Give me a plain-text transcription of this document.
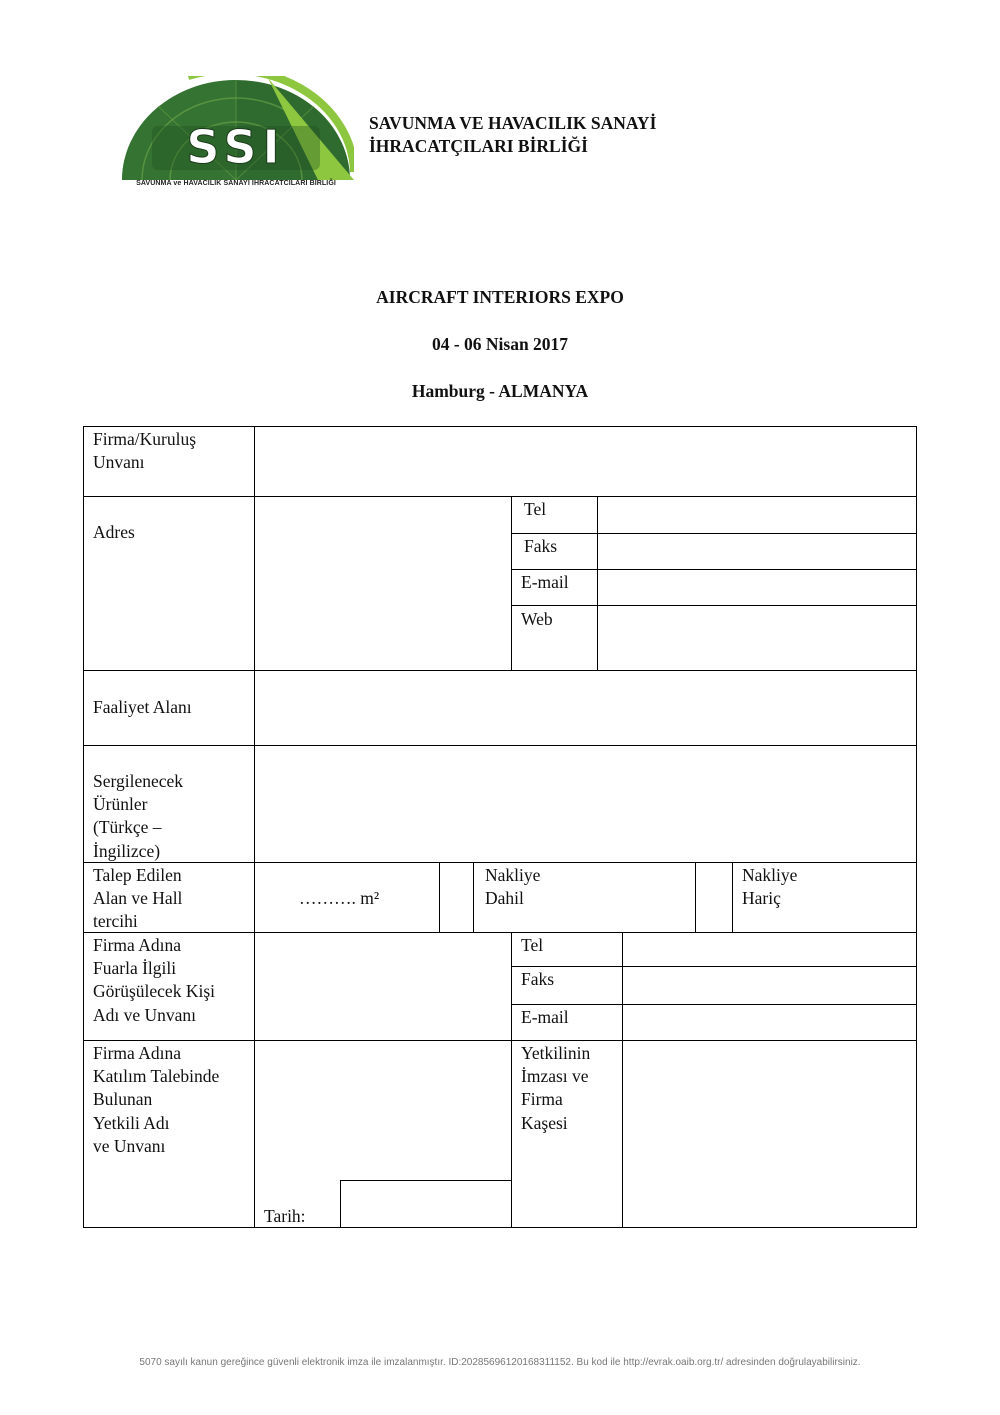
SSI
SAVUNMA ve HAVACILIK SANAYI IHRACATCILARI BIRLIĞI
SAVUNMA VE HAVACILIK SANAYİ
İHRACATÇILARI BİRLİĞİ
AIRCRAFT INTERIORS EXPO
04 - 06 Nisan 2017
Hamburg - ALMANYA
Firma/Kuruluş
Unvanı
Adres
Tel
Faks
E-mail
Web
Faaliyet Alanı
Sergilenecek
Ürünler
(Türkçe –
İngilizce)
Talep Edilen
Alan ve Hall
tercihi
………. m²
Nakliye
Dahil
Nakliye
Hariç
Firma Adına
Fuarla İlgili
Görüşülecek Kişi
Adı ve Unvanı
Tel
Faks
E-mail
Firma Adına
Katılım Talebinde
Bulunan
Yetkili Adı
ve Unvanı
Yetkilinin
İmzası ve
Firma
Kaşesi
Tarih:
5070 sayılı kanun gereğince güvenli elektronik imza ile imzalanmıştır. ID:20285696120168311152. Bu kod ile http://evrak.oaib.org.tr/ adresinden doğrulayabilirsiniz.
